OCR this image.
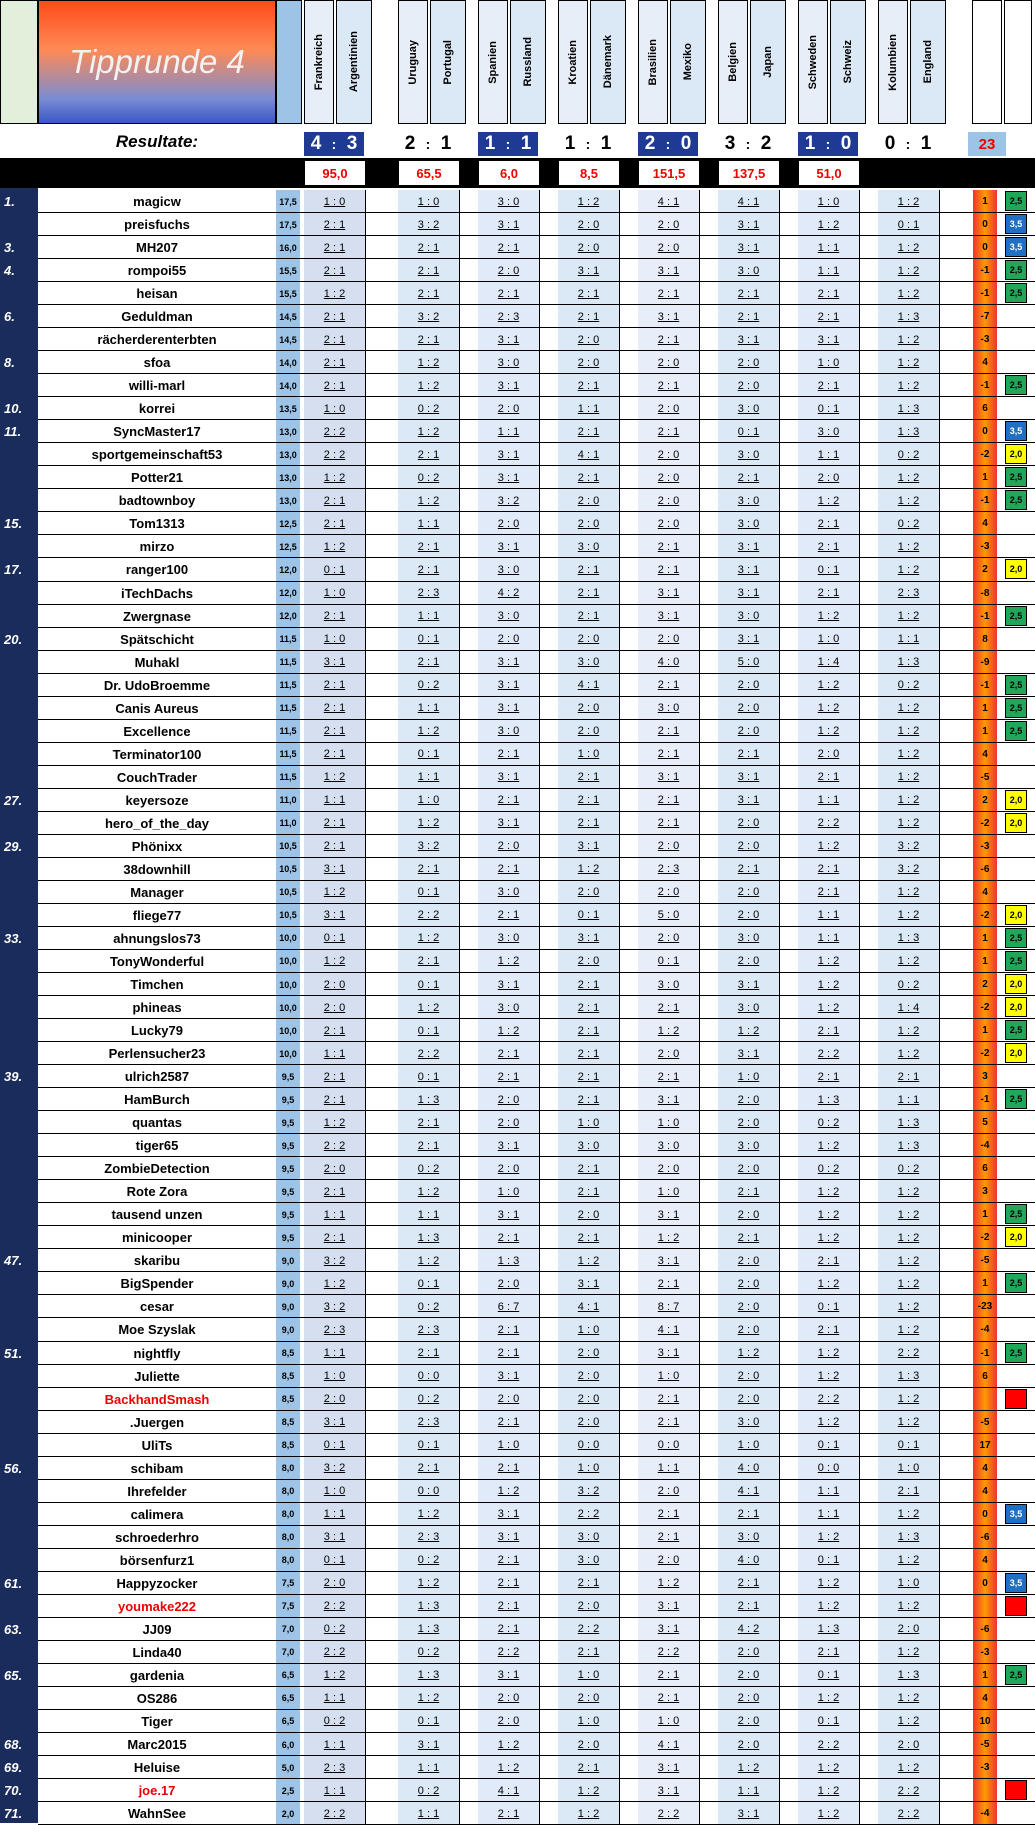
Tipprunde 4	Frankreich Argentinien	Uruguay Portugal	Spanien Russland	Kroatien Dänemark	Brasilien Mexiko	Belgien Japan	Schweden Schweiz	Kolumbien England
Resultate:	4 : 3	2 : 1	1 : 1	1 : 1	2 : 0	3 : 2	1 : 0	0 : 1	23
95,0	65,5	6,0	8,5	151,5	137,5	51,0
1.	magicw	17,5 1 : 0	1 : 0	3 : 0	1 : 2	4 : 1	4 : 1	1 : 0	1 : 2	1	2,5
preisfuchs	17,5 2 : 1	3 : 2	3 : 1	2 : 0	2 : 0	3 : 1	1 : 2	0 : 1	0	3,5
3.	MH207	16,0 2 : 1	2 : 1	2 : 1	2 : 0	2 : 0	3 : 1	1 : 1	1 : 2	0	3,5
4.	rompoi55	15,5 2 : 1	2 : 1	2 : 0	3 : 1	3 : 1	3 : 0	1 : 1	1 : 2	-1	2,5
heisan	15,5 1 : 2	2 : 1	2 : 1	2 : 1	2 : 1	2 : 1	2 : 1	1 : 2	-1	2,5
6.	Geduldman	14,5 2 : 1	3 : 2	2 : 3	2 : 1	3 : 1	2 : 1	2 : 1	1 : 3	-7
rächerderenterbten	14,5 2 : 1	2 : 1	3 : 1	2 : 0	2 : 1	3 : 1	3 : 1	1 : 2	-3
8.	sfoa	14,0 2 : 1	1 : 2	3 : 0	2 : 0	2 : 0	2 : 0	1 : 0	1 : 2	4
willi-marl	14,0 2 : 1	1 : 2	3 : 1	2 : 1	2 : 1	2 : 0	2 : 1	1 : 2	-1	2,5
10.	korrei	13,5 1 : 0	0 : 2	2 : 0	1 : 1	2 : 0	3 : 0	0 : 1	1 : 3	6
11.	SyncMaster17	13,0 2 : 2	1 : 2	1 : 1	2 : 1	2 : 1	0 : 1	3 : 0	1 : 3	0	3,5
sportgemeinschaft53	13,0 2 : 2	2 : 1	3 : 1	4 : 1	2 : 0	3 : 0	1 : 1	0 : 2	-2	2,0
Potter21	13,0 1 : 2	0 : 2	3 : 1	2 : 1	2 : 0	2 : 1	2 : 0	1 : 2	1	2,5
badtownboy	13,0 2 : 1	1 : 2	3 : 2	2 : 0	2 : 0	3 : 0	1 : 2	1 : 2	-1	2,5
15.	Tom1313	12,5 2 : 1	1 : 1	2 : 0	2 : 0	2 : 0	3 : 0	2 : 1	0 : 2	4
mirzo	12,5 1 : 2	2 : 1	3 : 1	3 : 0	2 : 1	3 : 1	2 : 1	1 : 2	-3
17.	ranger100	12,0 0 : 1	2 : 1	3 : 0	2 : 1	2 : 1	3 : 1	0 : 1	1 : 2	2	2,0
iTechDachs	12,0 1 : 0	2 : 3	4 : 2	2 : 1	3 : 1	3 : 1	2 : 1	2 : 3	-8
Zwergnase	12,0 2 : 1	1 : 1	3 : 0	2 : 1	3 : 1	3 : 0	1 : 2	1 : 2	-1	2,5
20.	Spätschicht	11,5	1 : 0	0 : 1	2 : 0	2 : 0	2 : 0	3 : 1	1 : 0	1 : 1	8
Muhakl	11,5	3 : 1	2 : 1	3 : 1	3 : 0	4 : 0	5 : 0	1 : 4	1 : 3	-9
Dr. UdoBroemme	11,5	2 : 1	0 : 2	3 : 1	4 : 1	2 : 1	2 : 0	1 : 2	0 : 2	-1	2,5
Canis Aureus	11,5	2 : 1	1 : 1	3 : 1	2 : 0	3 : 0	2 : 0	1 : 2	1 : 2	1	2,5
Excellence	11,5	2 : 1	1 : 2	3 : 0	2 : 0	2 : 1	2 : 0	1 : 2	1 : 2	1	2,5
Terminator100	11,5	2 : 1	0 : 1	2 : 1	1 : 0	2 : 1	2 : 1	2 : 0	1 : 2	4
CouchTrader	11,5	1 : 2	1 : 1	3 : 1	2 : 1	3 : 1	3 : 1	2 : 1	1 : 2	-5
27.	keyersoze	11,0	1 : 1	1 : 0	2 : 1	2 : 1	2 : 1	3 : 1	1 : 1	1 : 2	2	2,0
hero_of_the_day	11,0	2 : 1	1 : 2	3 : 1	2 : 1	2 : 1	2 : 0	2 : 2	1 : 2	-2	2,0
29.	Phönixx	10,5 2 : 1	3 : 2	2 : 0	3 : 1	2 : 0	2 : 0	1 : 2	3 : 2	-3
38downhill	10,5 3 : 1	2 : 1	2 : 1	1 : 2	2 : 3	2 : 1	2 : 1	3 : 2	-6
Manager	10,5 1 : 2	0 : 1	3 : 0	2 : 0	2 : 0	2 : 0	2 : 1	1 : 2	4
fliege77	10,5 3 : 1	2 : 2	2 : 1	0 : 1	5 : 0	2 : 0	1 : 1	1 : 2	-2	2,0
33.	ahnungslos73	10,0 0 : 1	1 : 2	3 : 0	3 : 1	2 : 0	3 : 0	1 : 1	1 : 3	1	2,5
TonyWonderful	10,0 1 : 2	2 : 1	1 : 2	2 : 0	0 : 1	2 : 0	1 : 2	1 : 2	1	2,5
Timchen	10,0 2 : 0	0 : 1	3 : 1	2 : 1	3 : 0	3 : 1	1 : 2	0 : 2	2	2,0
phineas	10,0 2 : 0	1 : 2	3 : 0	2 : 1	2 : 1	3 : 0	1 : 2	1 : 4	-2	2,0
Lucky79	10,0 2 : 1	0 : 1	1 : 2	2 : 1	1 : 2	1 : 2	2 : 1	1 : 2	1	2,5
Perlensucher23	10,0 1 : 1	2 : 2	2 : 1	2 : 1	2 : 0	3 : 1	2 : 2	1 : 2	-2	2,0
39.	ulrich2587	9,5	2 : 1	0 : 1	2 : 1	2 : 1	2 : 1	1 : 0	2 : 1	2 : 1	3
HamBurch	9,5	2 : 1	1 : 3	2 : 0	2 : 1	3 : 1	2 : 0	1 : 3	1 : 1	-1	2,5
quantas	9,5	1 : 2	2 : 1	2 : 0	1 : 0	1 : 0	2 : 0	0 : 2	1 : 3	5
tiger65	9,5	2 : 2	2 : 1	3 : 1	3 : 0	3 : 0	3 : 0	1 : 2	1 : 3	-4
ZombieDetection	9,5	2 : 0	0 : 2	2 : 0	2 : 1	2 : 0	2 : 0	0 : 2	0 : 2	6
Rote Zora	9,5	2 : 1	1 : 2	1 : 0	2 : 1	1 : 0	2 : 1	1 : 2	1 : 2	3
tausend unzen	9,5	1 : 1	1 : 1	3 : 1	2 : 0	3 : 1	2 : 0	1 : 2	1 : 2	1	2,5
minicooper	9,5	2 : 1	1 : 3	2 : 1	2 : 1	1 : 2	2 : 1	1 : 2	1 : 2	-2	2,0
47.	skaribu	9,0	3 : 2	1 : 2	1 : 3	1 : 2	3 : 1	2 : 0	2 : 1	1 : 2	-5
BigSpender	9,0	1 : 2	0 : 1	2 : 0	3 : 1	2 : 1	2 : 0	1 : 2	1 : 2	1	2,5
cesar	9,0	3 : 2	0 : 2	6 : 7	4 : 1	8 : 7	2 : 0	0 : 1	1 : 2	-23
Moe Szyslak	9,0	2 : 3	2 : 3	2 : 1	1 : 0	4 : 1	2 : 0	2 : 1	1 : 2	-4
51.	nightfly	8,5	1 : 1	2 : 1	2 : 1	2 : 0	3 : 1	1 : 2	1 : 2	2 : 2	-1	2,5
Juliette	8,5	1 : 0	0 : 0	3 : 1	2 : 0	1 : 0	2 : 0	1 : 2	1 : 3	6
BackhandSmash	8,5	2 : 0	0 : 2	2 : 0	2 : 0	2 : 1	2 : 0	2 : 2	1 : 2
.Juergen	8,5	3 : 1	2 : 3	2 : 1	2 : 0	2 : 1	3 : 0	1 : 2	1 : 2	-5
UliTs	8,5	0 : 1	0 : 1	1 : 0	0 : 0	0 : 0	1 : 0	0 : 1	0 : 1	17
56.	schibam	8,0	3 : 2	2 : 1	2 : 1	1 : 0	1 : 1	4 : 0	0 : 0	1 : 0	4
Ihrefelder	8,0	1 : 0	0 : 0	1 : 2	3 : 2	2 : 0	4 : 1	1 : 1	2 : 1	4
calimera	8,0	1 : 1	1 : 2	3 : 1	2 : 2	2 : 1	2 : 1	1 : 1	1 : 2	0	3,5
schroederhro	8,0	3 : 1	2 : 3	3 : 1	3 : 0	2 : 1	3 : 0	1 : 2	1 : 3	-6
börsenfurz1	8,0	0 : 1	0 : 2	2 : 1	3 : 0	2 : 0	4 : 0	0 : 1	1 : 2	4
61.	Happyzocker	7,5	2 : 0	1 : 2	2 : 1	2 : 1	1 : 2	2 : 1	1 : 2	1 : 0	0	3,5
youmake222	7,5	2 : 2	1 : 3	2 : 1	2 : 0	3 : 1	2 : 1	1 : 2	1 : 2
63.	JJ09	7,0	0 : 2	1 : 3	2 : 1	2 : 2	3 : 1	4 : 2	1 : 3	2 : 0	-6
Linda40	7,0	2 : 2	0 : 2	2 : 2	2 : 1	2 : 2	2 : 0	2 : 1	1 : 2	-3
65.	gardenia	6,5	1 : 2	1 : 3	3 : 1	1 : 0	2 : 1	2 : 0	0 : 1	1 : 3	1	2,5
OS286	6,5	1 : 1	1 : 2	2 : 0	2 : 0	2 : 1	2 : 0	1 : 2	1 : 2	4
Tiger	6,5	0 : 2	0 : 1	2 : 0	1 : 0	1 : 0	2 : 0	0 : 1	1 : 2	10
68.	Marc2015	6,0	1 : 1	3 : 1	1 : 2	2 : 0	4 : 1	2 : 0	2 : 2	2 : 0	-5
69.	Heluise	5,0	2 : 3	1 : 1	1 : 2	2 : 1	3 : 1	1 : 2	1 : 2	1 : 2	-3
70.	joe.17	2,5	1 : 1	0 : 2	4 : 1	1 : 2	3 : 1	1 : 1	1 : 2	2 : 2
71.	WahnSee	2,0	2 : 2	1 : 1	2 : 1	1 : 2	2 : 2	3 : 1	1 : 2	2 : 2	-4
